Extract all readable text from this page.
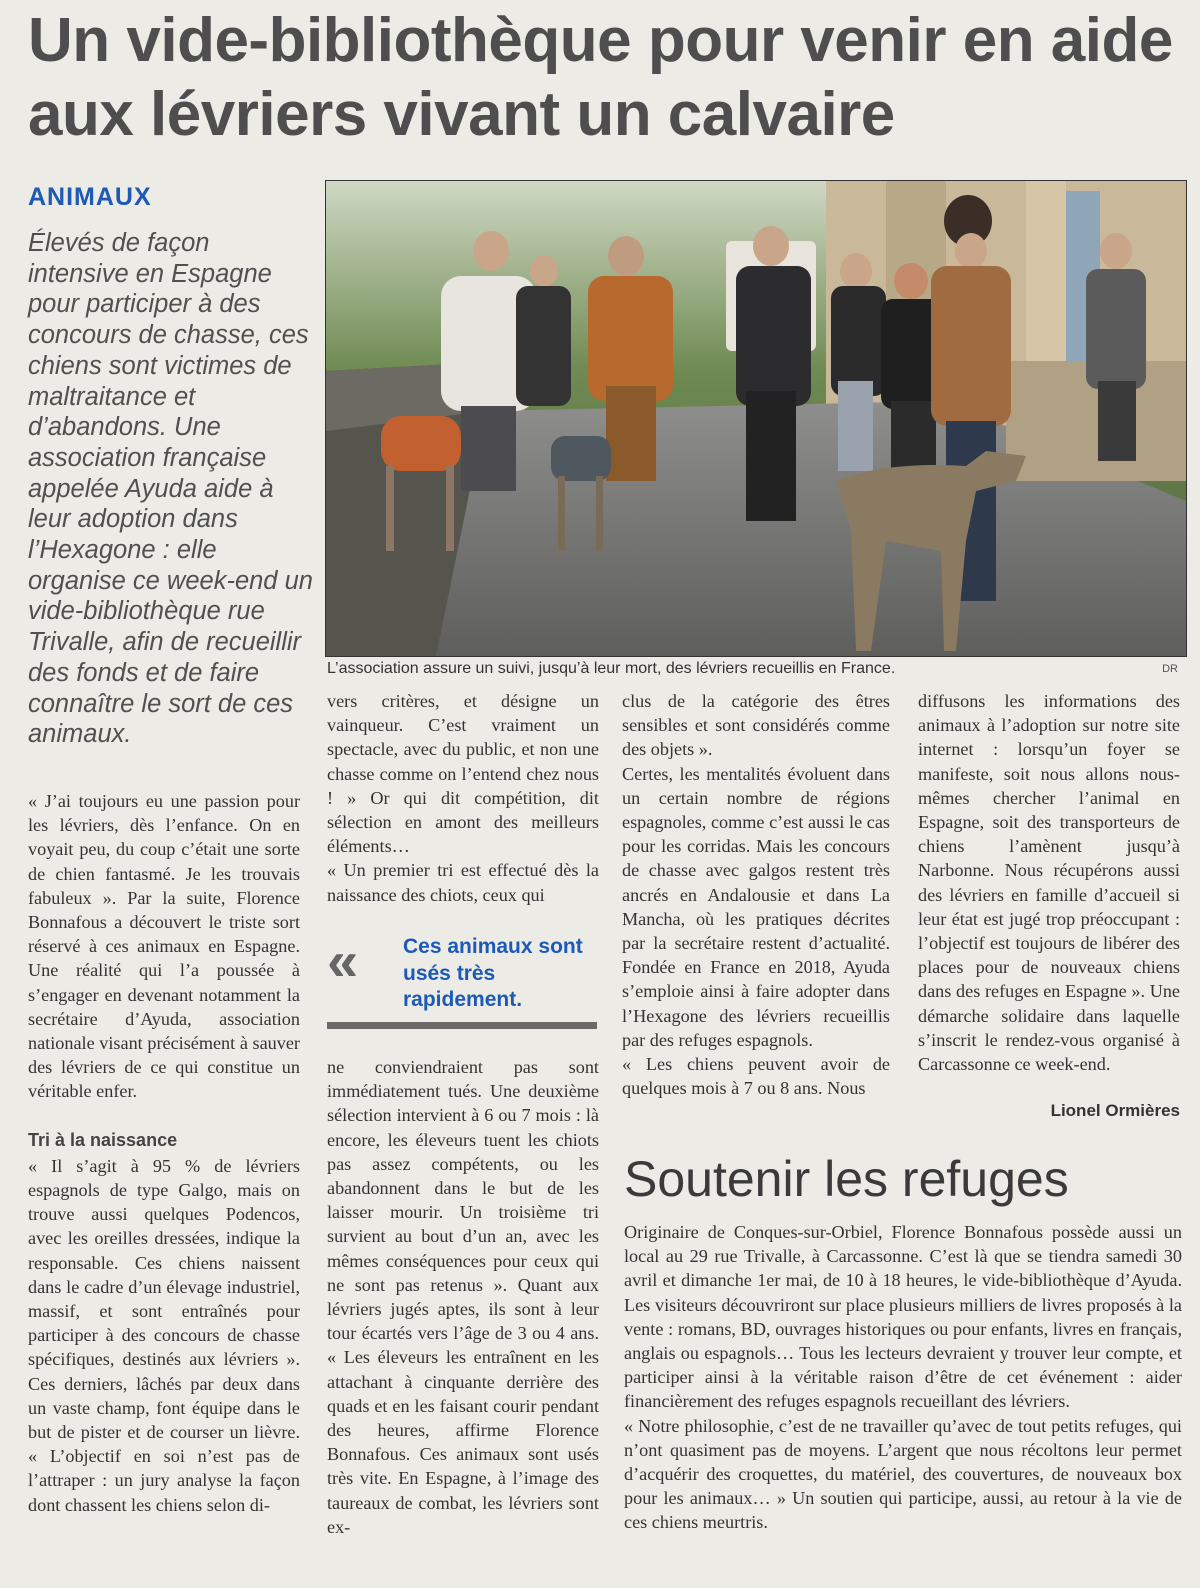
Un vide-bibliothèque pour venir en aide aux lévriers vivant un calvaire
ANIMAUX
Élevés de façon intensive en Espagne pour participer à des concours de chasse, ces chiens sont victimes de maltraitance et d’abandons. Une association française appelée Ayuda aide à leur adoption dans l’Hexagone : elle organise ce week-end un vide-bibliothèque rue Trivalle, afin de recueillir des fonds et de faire connaître le sort de ces animaux.
L’association assure un suivi, jusqu’à leur mort, des lévriers recueillis en France.	DR

« J’ai toujours eu une passion pour les lévriers, dès l’enfance. On en voyait peu, du coup c’était une sorte de chien fantasmé. Je les trouvais fabuleux ». Par la suite, Florence Bonnafous a découvert le triste sort réservé à ces animaux en Espagne. Une réalité qui l’a poussée à s’engager en devenant notamment la secrétaire d’Ayuda, association nationale visant précisément à sauver des lévriers de ce qui constitue un véritable enfer.

Tri à la naissance

« Il s’agit à 95 % de lévriers espagnols de type Galgo, mais on trouve aussi quelques Podencos, avec les oreilles dressées, indique la responsable. Ces chiens naissent dans le cadre d’un élevage industriel, massif, et sont entraînés pour participer à des concours de chasse spécifiques, destinés aux lévriers ». Ces derniers, lâchés par deux dans un vaste champ, font équipe dans le but de pister et de courser un lièvre. « L’objectif en soi n’est pas de l’attraper : un jury analyse la façon dont chassent les chiens selon di-

vers critères, et désigne un vainqueur. C’est vraiment un spectacle, avec du public, et non une chasse comme on l’entend chez nous ! » Or qui dit compétition, dit sélection en amont des meilleurs éléments…

« Un premier tri est effectué dès la naissance des chiots, ceux qui

« Ces animaux sont usés très rapidement.

ne conviendraient pas sont immédiatement tués. Une deuxième sélection intervient à 6 ou 7 mois : là encore, les éleveurs tuent les chiots pas assez compétents, ou les abandonnent dans le but de les laisser mourir. Un troisième tri survient au bout d’un an, avec les mêmes conséquences pour ceux qui ne sont pas retenus ». Quant aux lévriers jugés aptes, ils sont à leur tour écartés vers l’âge de 3 ou 4 ans. « Les éleveurs les entraînent en les attachant à cinquante derrière des quads et en les faisant courir pendant des heures, affirme Florence Bonnafous. Ces animaux sont usés très vite. En Espagne, à l’image des taureaux de combat, les lévriers sont ex-

clus de la catégorie des êtres sensibles et sont considérés comme des objets ».

Certes, les mentalités évoluent dans un certain nombre de régions espagnoles, comme c’est aussi le cas pour les corridas. Mais les concours de chasse avec galgos restent très ancrés en Andalousie et dans La Mancha, où les pratiques décrites par la secrétaire restent d’actualité. Fondée en France en 2018, Ayuda s’emploie ainsi à faire adopter dans l’Hexagone des lévriers recueillis par des refuges espagnols.

« Les chiens peuvent avoir de quelques mois à 7 ou 8 ans. Nous

diffusons les informations des animaux à l’adoption sur notre site internet : lorsqu’un foyer se manifeste, soit nous allons nous-mêmes chercher l’animal en Espagne, soit des transporteurs de chiens l’amènent jusqu’à Narbonne. Nous récupérons aussi des lévriers en famille d’accueil si leur état est jugé trop préoccupant : l’objectif est toujours de libérer des places pour de nouveaux chiens dans des refuges en Espagne ». Une démarche solidaire dans laquelle s’inscrit le rendez-vous organisé à Carcassonne ce week-end.

Lionel Ormières
Soutenir les refuges

Originaire de Conques-sur-Orbiel, Florence Bonnafous possède aussi un local au 29 rue Trivalle, à Carcassonne. C’est là que se tiendra samedi 30 avril et dimanche 1er mai, de 10 à 18 heures, le vide-bibliothèque d’Ayuda. Les visiteurs découvriront sur place plusieurs milliers de livres proposés à la vente : romans, BD, ouvrages historiques ou pour enfants, livres en français, anglais ou espagnols… Tous les lecteurs devraient y trouver leur compte, et participer ainsi à la véritable raison d’être de cet événement : aider financièrement des refuges espagnols recueillant des lévriers.

« Notre philosophie, c’est de ne travailler qu’avec de tout petits refuges, qui n’ont quasiment pas de moyens. L’argent que nous récoltons leur permet d’acquérir des croquettes, du matériel, des couvertures, de nouveaux box pour les animaux… » Un soutien qui participe, aussi, au retour à la vie de ces chiens meurtris.
